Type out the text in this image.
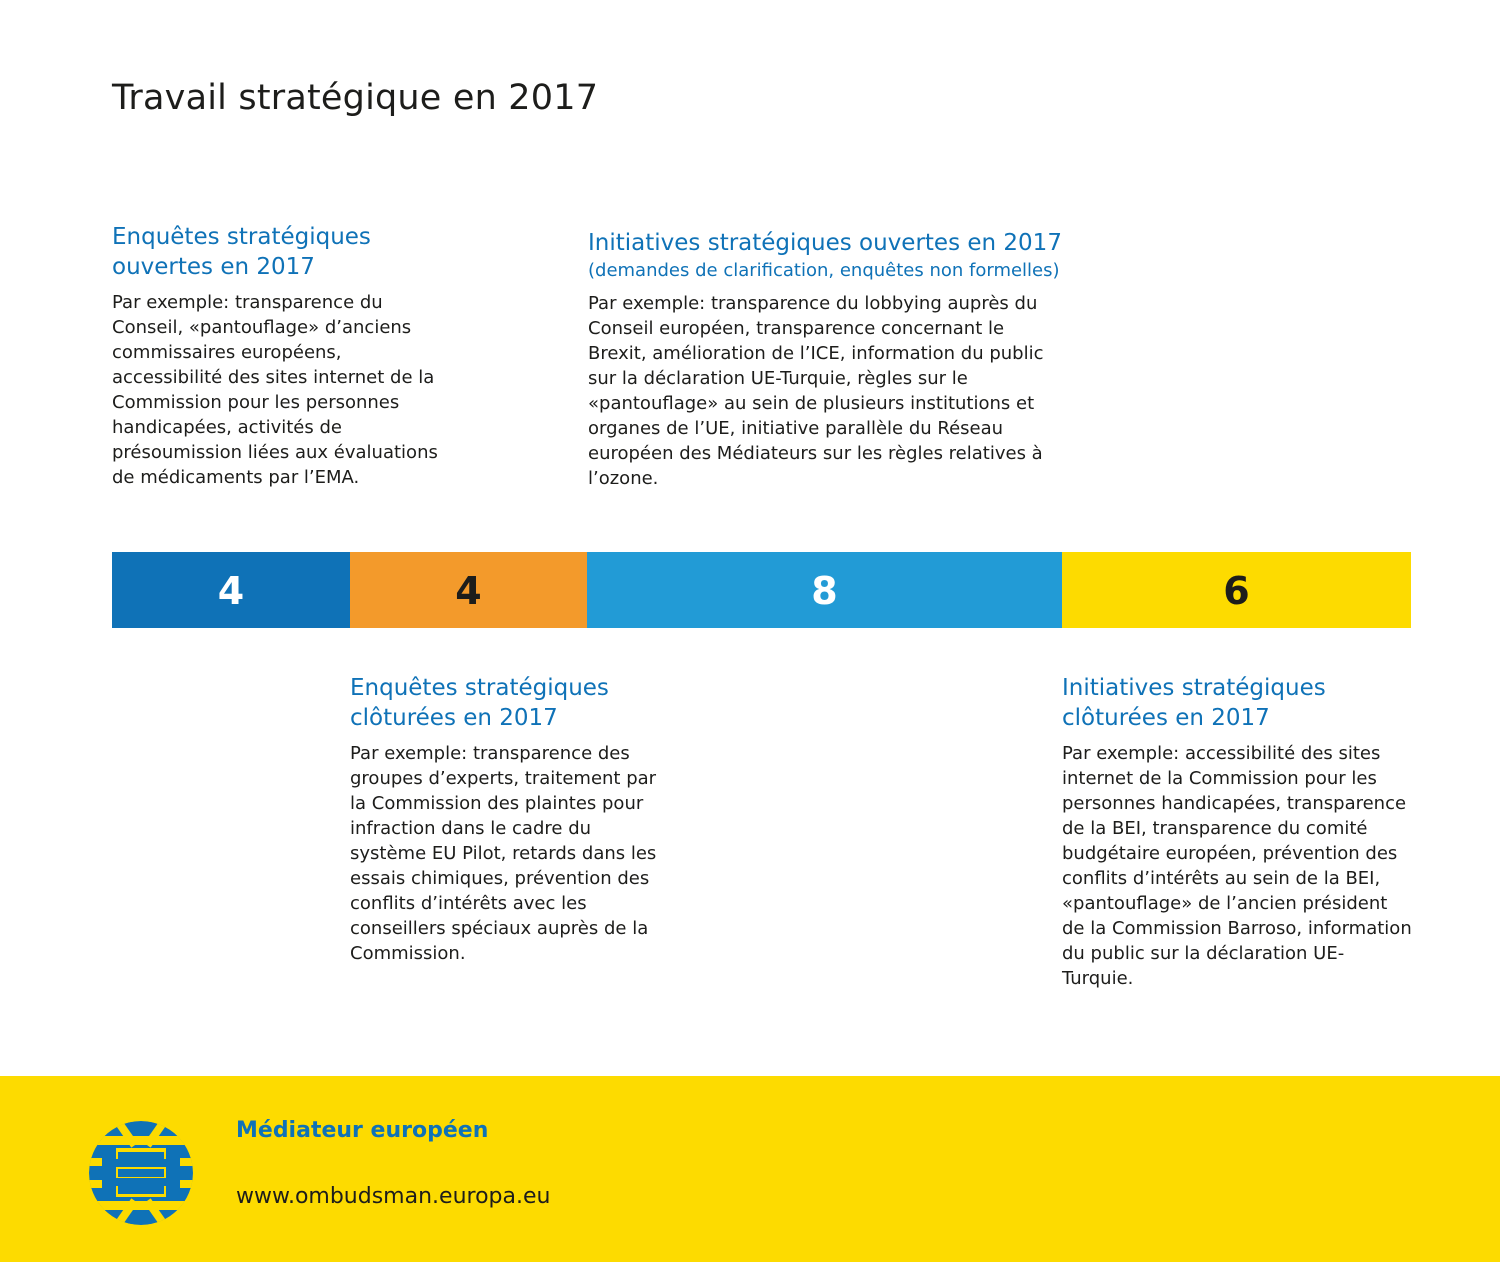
Travail stratégique en 2017
Enquêtes stratégiques ouvertes en 2017

Par exemple: transparence du Conseil, «pantouflage» d’anciens commissaires européens, accessibilité des sites internet de la Commission pour les personnes handicapées, activités de présoumission liées aux évaluations de médicaments par l’EMA.

Initiatives stratégiques ouvertes en 2017

(demandes de clarification, enquêtes non formelles)

Par exemple: transparence du lobbying auprès du Conseil européen, transparence concernant le Brexit, amélioration de l’ICE, information du public sur la déclaration UE-Turquie, règles sur le «pantouflage» au sein de plusieurs institutions et organes de l’UE, initiative parallèle du Réseau européen des Médiateurs sur les règles relatives à l’ozone.

4	4	8	6
Enquêtes stratégiques clôturées en 2017

Par exemple: transparence des groupes d’experts, traitement par la Commission des plaintes pour infraction dans le cadre du système EU Pilot, retards dans les essais chimiques, prévention des conflits d’intérêts avec les conseillers spéciaux auprès de la Commission.

Initiatives stratégiques clôturées en 2017

Par exemple: accessibilité des sites internet de la Commission pour les personnes handicapées, transparence de la BEI, transparence du comité budgétaire européen, prévention des conflits d’intérêts au sein de la BEI, «pantouflage» de l’ancien président de la Commission Barroso, information du public sur la déclaration UE-Turquie.

Médiateur européen

www.ombudsman.europa.eu
